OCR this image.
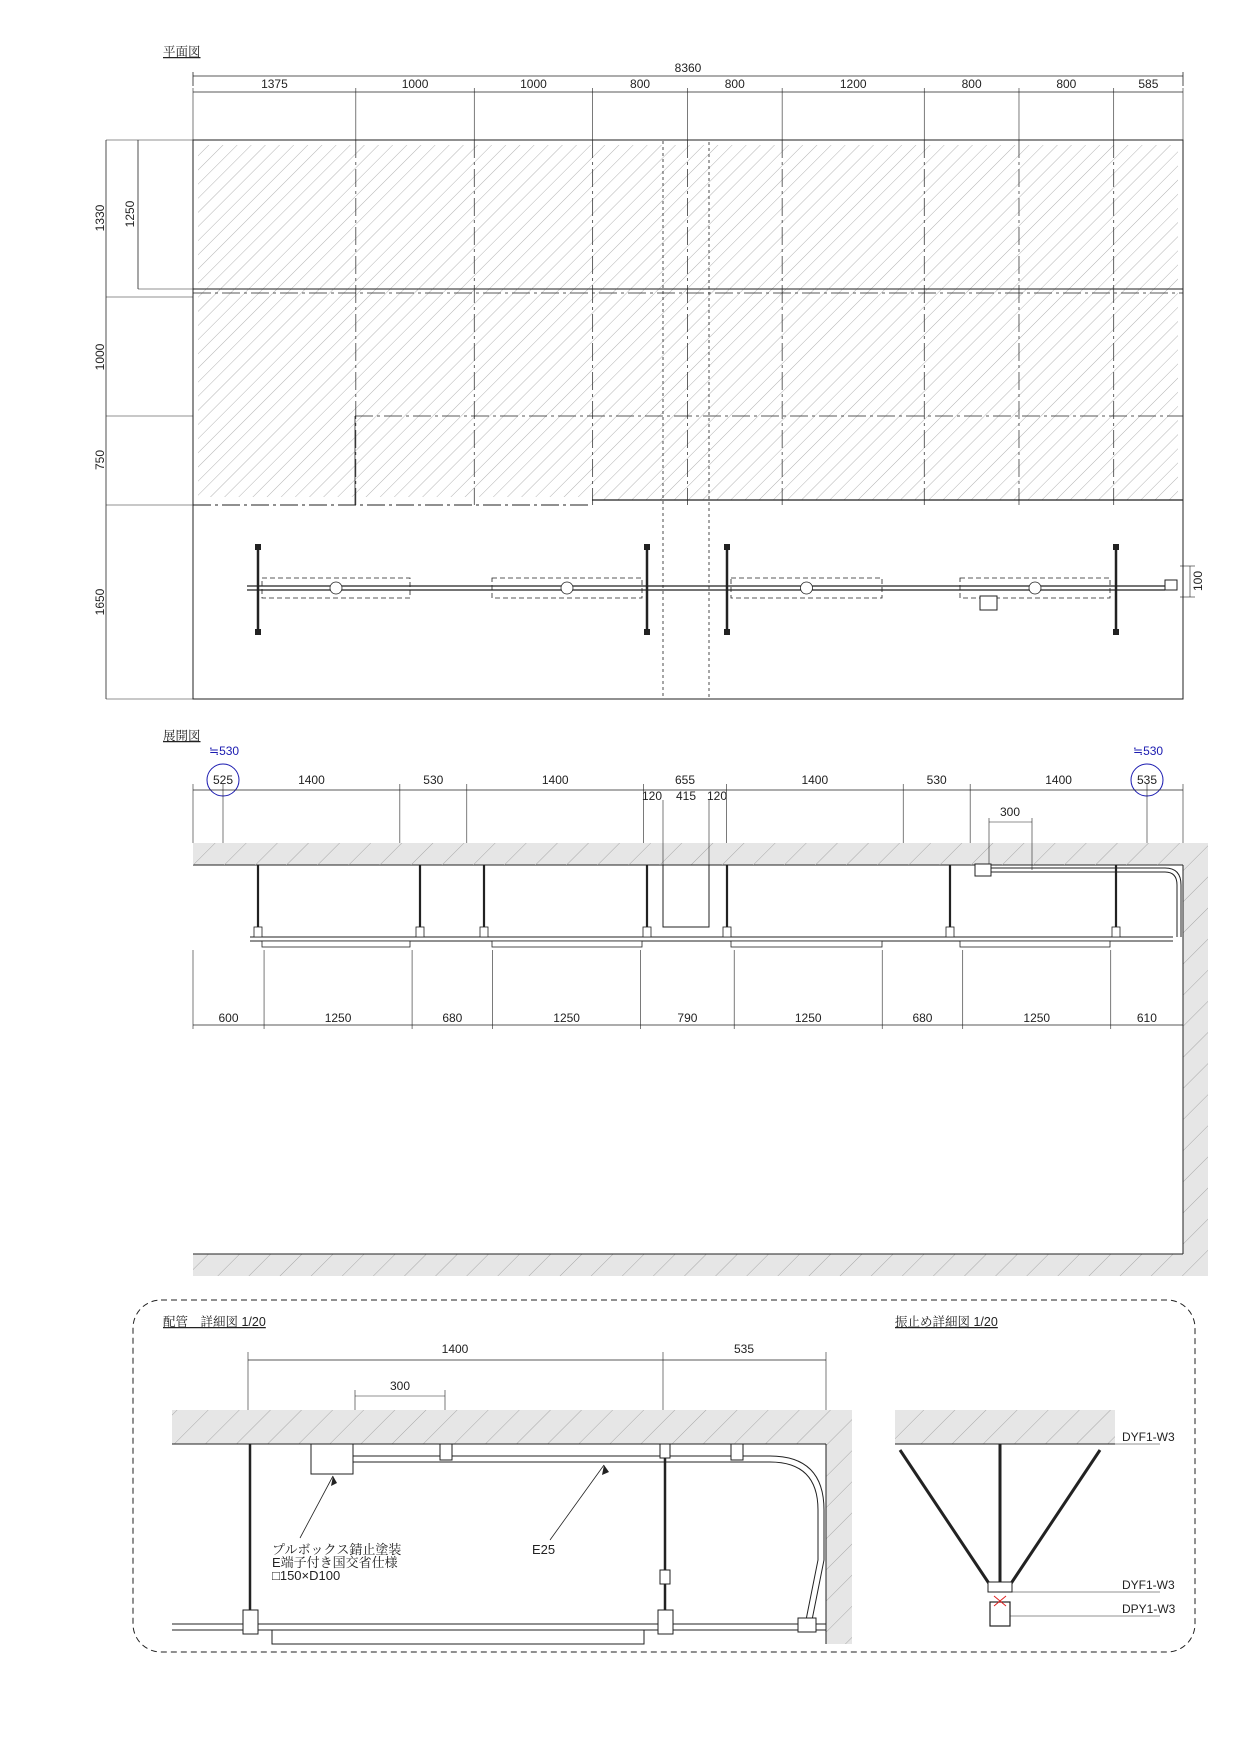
平面図
8360
1375	1000	1000	800	800	1200	800	800	585
1330
1000
750
1650
1250
100
展開図
≒530
525
≒530
535
1400	530	1400	655	1400	530	1400
120 415 120
300
600	1250	680	1250	790	1250	680	1250	610
配管　詳細図 1/20
1400	535
300
プルボックス錆止塗装
E端子付き国交省仕様
□150×D100
E25
振止め詳細図 1/20
DYF1-W3
DYF1-W3
DPY1-W3
